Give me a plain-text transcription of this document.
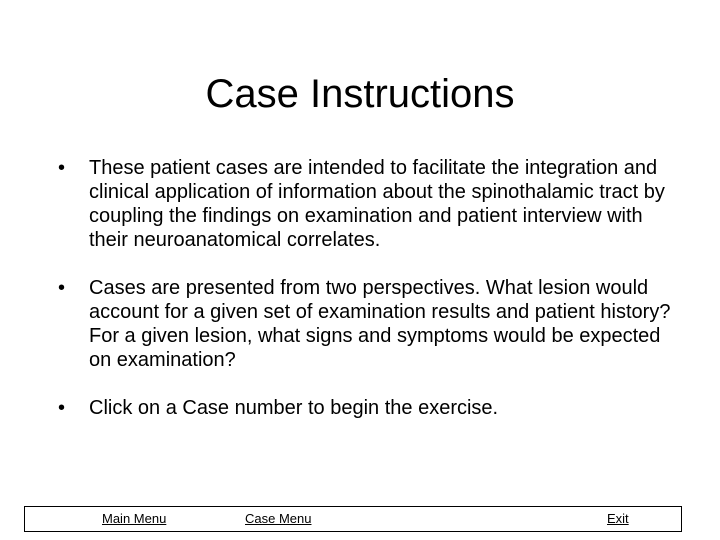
Case Instructions
• These patient cases are intended to facilitate the integration and clinical application of information about the spinothalamic tract by coupling the findings on examination and patient interview with their neuroanatomical correlates.
• Cases are presented from two perspectives. What lesion would account for a given set of examination results and patient history? For a given lesion, what signs and symptoms would be expected on examination?
• Click on a Case number to begin the exercise.
Main Menu	Case Menu	Exit
